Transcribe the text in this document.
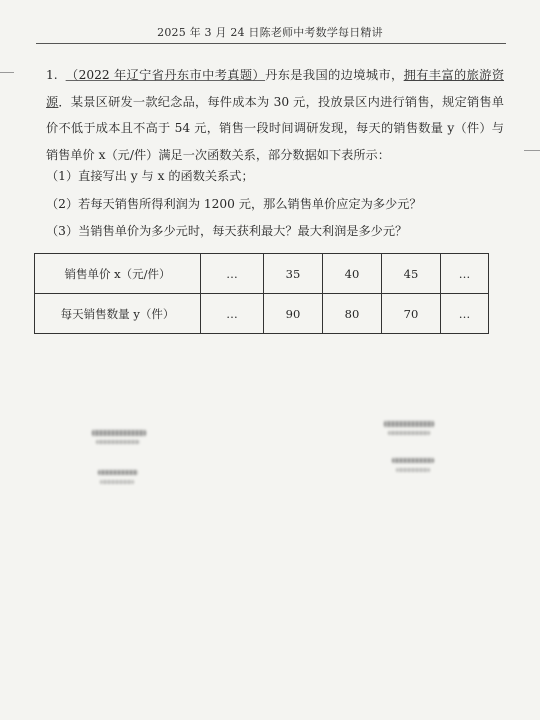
2025 年 3 月 24 日陈老师中考数学每日精讲

1. （2022 年辽宁省丹东市中考真题）丹东是我国的边境城市，拥有丰富的旅游资源．某景区研发一款纪念品，每件成本为 30 元，投放景区内进行销售，规定销售单价不低于成本且不高于 54 元，销售一段时间调研发现，每天的销售数量 y（件）与销售单价 x（元/件）满足一次函数关系，部分数据如下表所示：

（1）直接写出 y 与 x 的函数关系式；
（2）若每天销售所得利润为 1200 元，那么销售单价应定为多少元？
（3）当销售单价为多少元时，每天获利最大？最大利润是多少元？
销售单价 x（元/件）	…	35	40	45	…
每天销售数量 y（件）	…	90	80	70	…
